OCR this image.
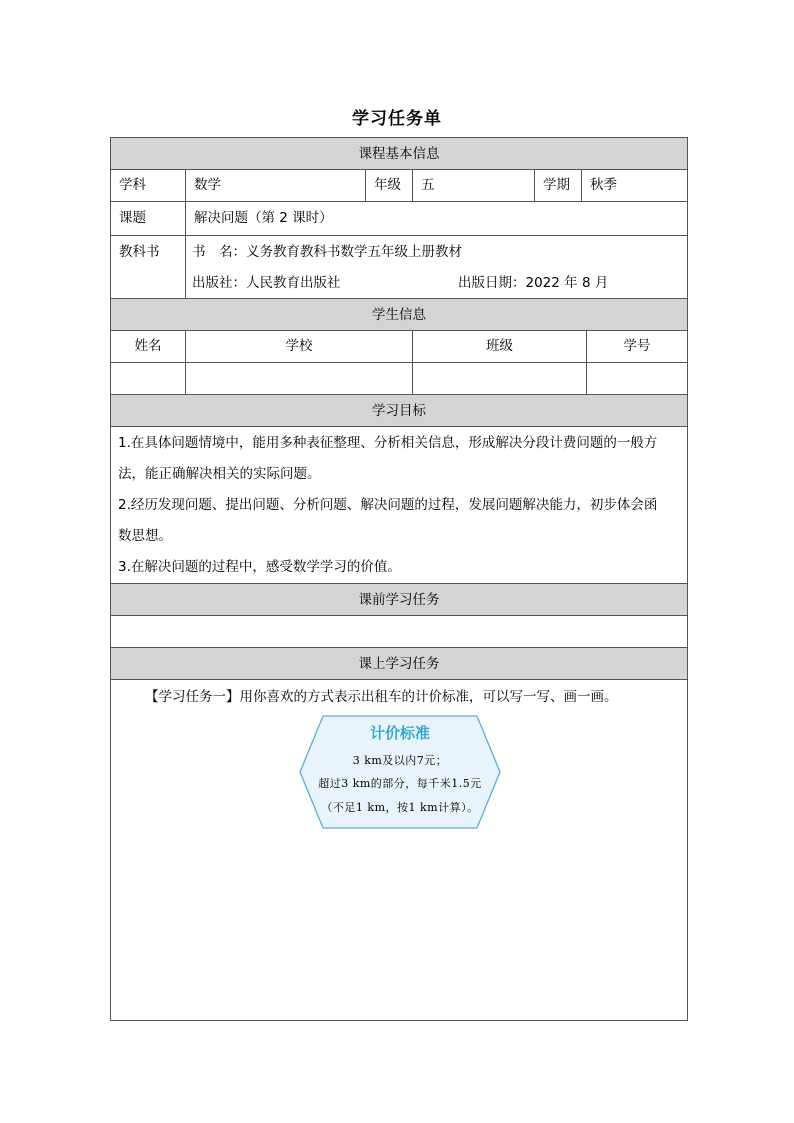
学习任务单
课程基本信息
学科	数学	年级	五	学期	秋季
课题	解决问题（第 2 课时）
教科书	书　名：义务教育教科书数学五年级上册教材
出版社：人民教育出版社	出版日期：2022 年 8 月
学生信息
姓名	学校	班级	学号
学习目标
1.在具体问题情境中，能用多种表征整理、分析相关信息，形成解决分段计费问题的一般方
法，能正确解决相关的实际问题。
2.经历发现问题、提出问题、分析问题、解决问题的过程，发展问题解决能力，初步体会函
数思想。
3.在解决问题的过程中，感受数学学习的价值。
课前学习任务
课上学习任务
【学习任务一】用你喜欢的方式表示出租车的计价标准，可以写一写、画一画。
计价标准
3 km及以内7元；
超过3 km的部分，每千米1.5元
（不足1 km，按1 km计算）。
